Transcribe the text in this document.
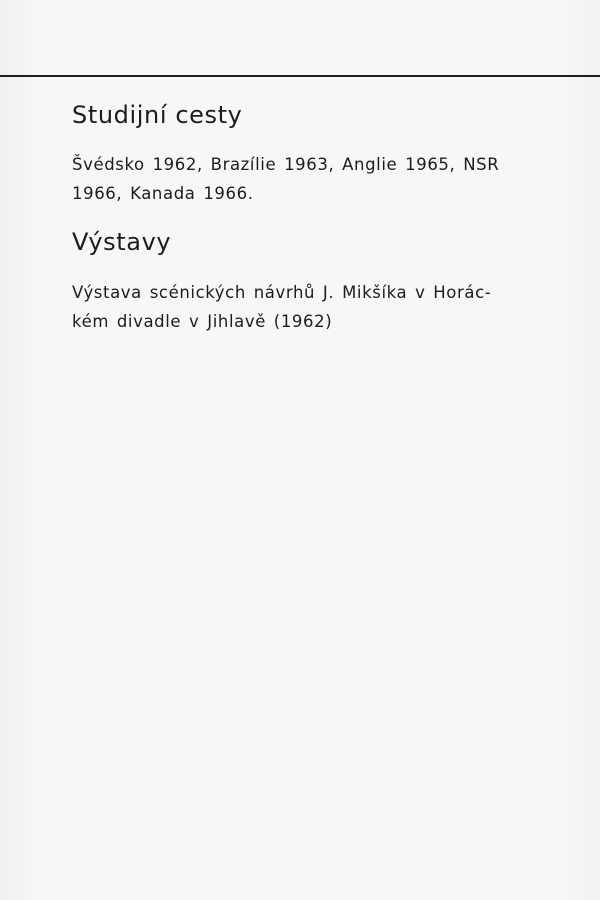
Studijní cesty

Švédsko 1962, Brazílie 1963, Anglie 1965, NSR
1966, Kanada 1966.

Výstavy

Výstava scénických návrhů J. Mikšíka v Horác-
kém divadle v Jihlavě (1962)
